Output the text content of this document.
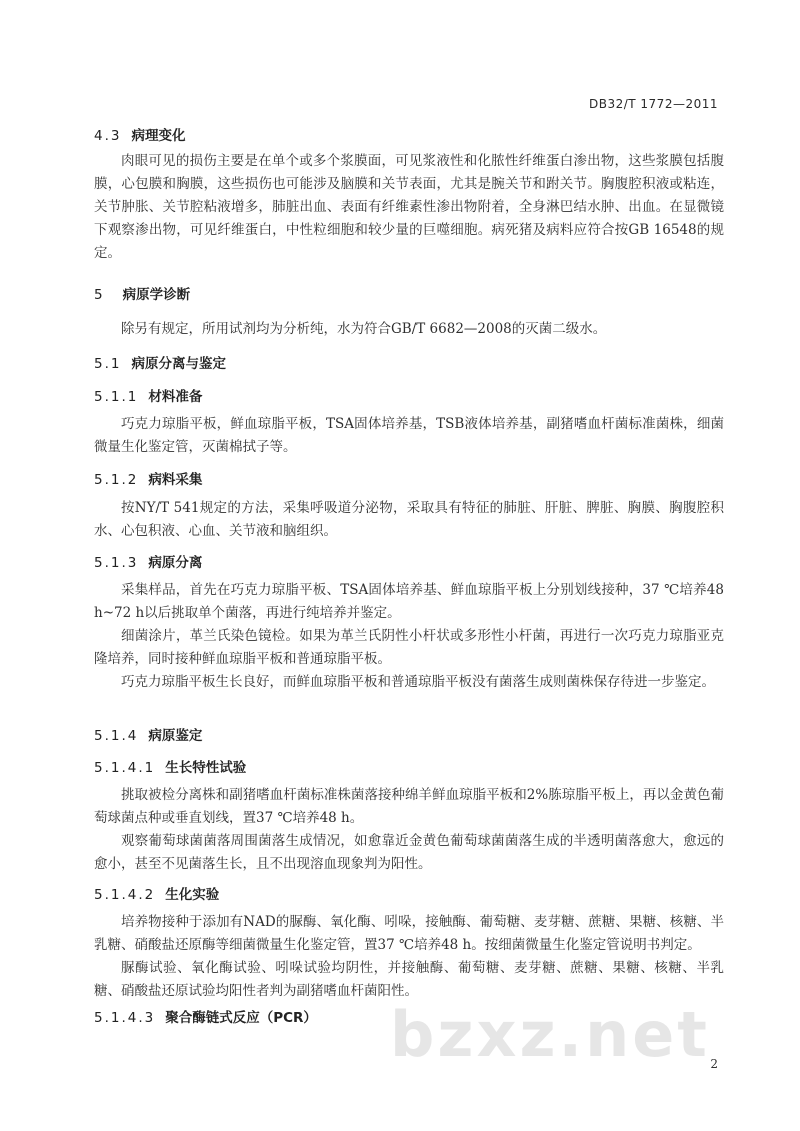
DB32/T 1772—2011
4.3 病理变化
肉眼可见的损伤主要是在单个或多个浆膜面，可见浆液性和化脓性纤维蛋白渗出物，这些浆膜包括腹膜，心包膜和胸膜，这些损伤也可能涉及脑膜和关节表面，尤其是腕关节和跗关节。胸腹腔积液或粘连，关节肿胀、关节腔粘液增多，肺脏出血、表面有纤维素性渗出物附着，全身淋巴结水肿、出血。在显微镜下观察渗出物，可见纤维蛋白，中性粒细胞和较少量的巨噬细胞。病死猪及病料应符合按GB 16548的规定。
5 病原学诊断
除另有规定，所用试剂均为分析纯，水为符合GB/T 6682—2008的灭菌二级水。
5.1 病原分离与鉴定
5.1.1 材料准备
巧克力琼脂平板，鲜血琼脂平板，TSA固体培养基，TSB液体培养基，副猪嗜血杆菌标准菌株，细菌微量生化鉴定管，灭菌棉拭子等。
5.1.2 病料采集
按NY/T 541规定的方法，采集呼吸道分泌物，采取具有特征的肺脏、肝脏、脾脏、胸膜、胸腹腔积水、心包积液、心血、关节液和脑组织。
5.1.3 病原分离
采集样品，首先在巧克力琼脂平板、TSA固体培养基、鲜血琼脂平板上分别划线接种，37 ℃培养48 h~72 h以后挑取单个菌落，再进行纯培养并鉴定。
细菌涂片，革兰氏染色镜检。如果为革兰氏阴性小杆状或多形性小杆菌，再进行一次巧克力琼脂亚克隆培养，同时接种鲜血琼脂平板和普通琼脂平板。
巧克力琼脂平板生长良好，而鲜血琼脂平板和普通琼脂平板没有菌落生成则菌株保存待进一步鉴定。
5.1.4 病原鉴定
5.1.4.1 生长特性试验
挑取被检分离株和副猪嗜血杆菌标准株菌落接种绵羊鲜血琼脂平板和2%胨琼脂平板上，再以金黄色葡萄球菌点种或垂直划线，置37 ℃培养48 h。
观察葡萄球菌菌落周围菌落生成情况，如愈靠近金黄色葡萄球菌菌落生成的半透明菌落愈大，愈远的愈小，甚至不见菌落生长，且不出现溶血现象判为阳性。
5.1.4.2 生化实验
培养物接种于添加有NAD的脲酶、氧化酶、吲哚，接触酶、葡萄糖、麦芽糖、蔗糖、果糖、核糖、半乳糖、硝酸盐还原酶等细菌微量生化鉴定管，置37 ℃培养48 h。按细菌微量生化鉴定管说明书判定。
脲酶试验、氧化酶试验、吲哚试验均阴性，并接触酶、葡萄糖、麦芽糖、蔗糖、果糖、核糖、半乳糖、硝酸盐还原试验均阳性者判为副猪嗜血杆菌阳性。
5.1.4.3 聚合酶链式反应（PCR） bzxz.net 2
